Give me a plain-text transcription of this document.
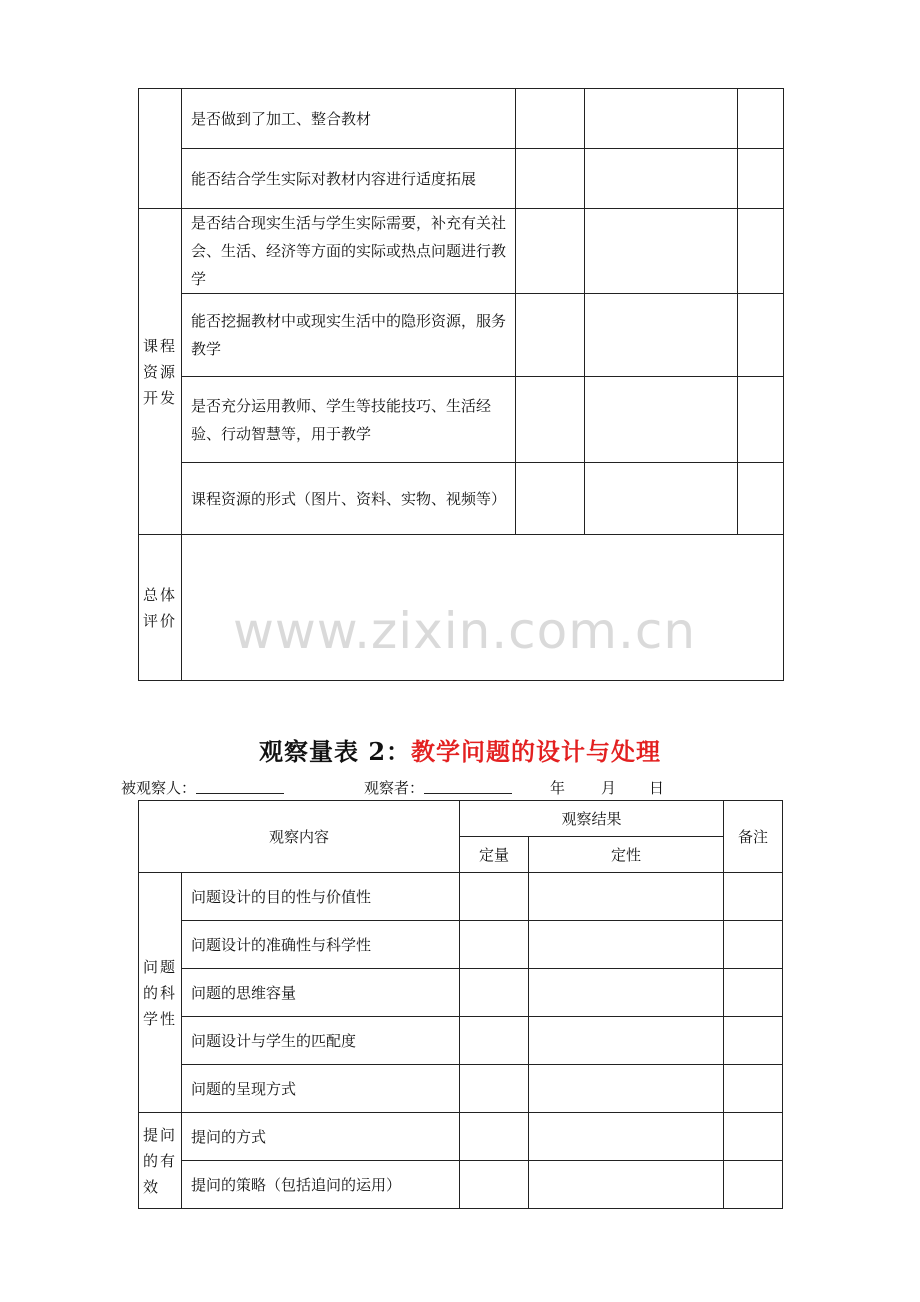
	是否做到了加工、整合教材			
	能否结合学生实际对教材内容进行适度拓展			
课程资源开发	是否结合现实生活与学生实际需要，补充有关社会、生活、经济等方面的实际或热点问题进行教学			
	能否挖掘教材中或现实生活中的隐形资源，服务教学			
	是否充分运用教师、学生等技能技巧、生活经验、行动智慧等，用于教学			
	课程资源的形式（图片、资料、实物、视频等）			
总体评价				www.zixin.com.cn
观察量表 2：教学问题的设计与处理
被观察人：	观察者：	年 月 日
观察内容		观察结果		备注
		定量	定性	
问题的科学性	问题设计的目的性与价值性			
	问题设计的准确性与科学性			
	问题的思维容量			
	问题设计与学生的匹配度			
	问题的呈现方式			
提问的有效	提问的方式			
	提问的策略（包括追问的运用）			
